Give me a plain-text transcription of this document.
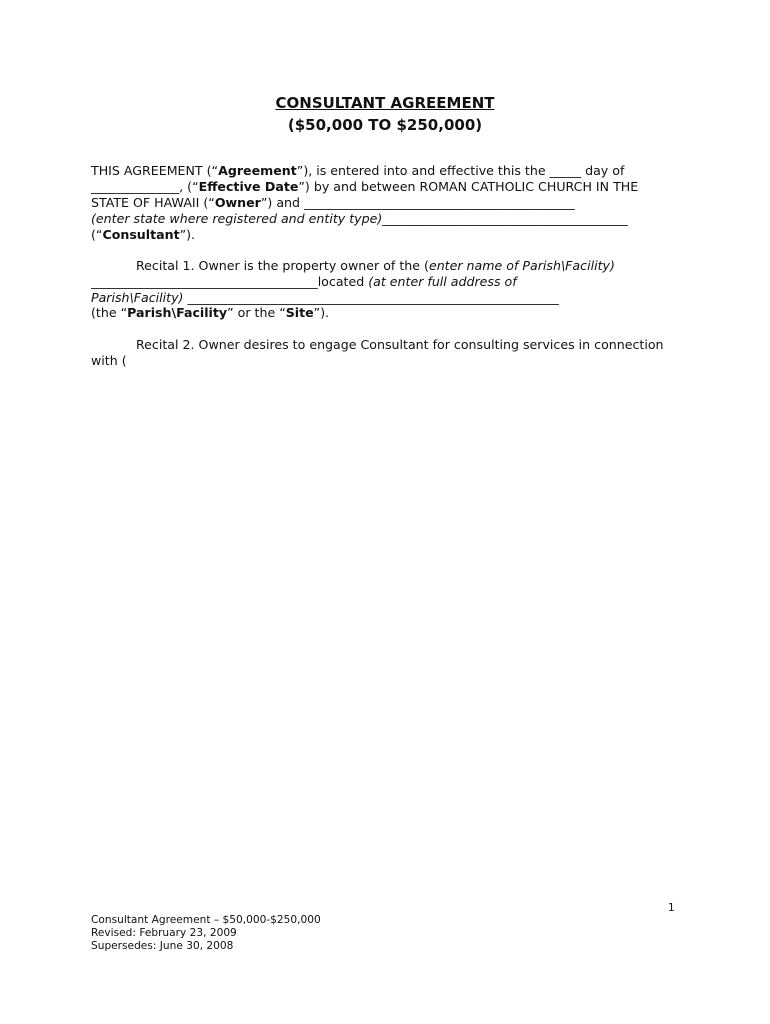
CONSULTANT AGREEMENT
($50,000 TO $250,000)
THIS AGREEMENT (“Agreement”), is entered into and effective this the _____ day of
______________, (“Effective Date”) by and between ROMAN CATHOLIC CHURCH IN THE
STATE OF HAWAII (“Owner”) and ___________________________________________
(enter state where registered and entity type)_______________________________________
(“Consultant”).
Recital 1. Owner is the property owner of the (enter name of Parish\Facility)
____________________________________located (at enter full address of
Parish\Facility) ___________________________________________________________
(the “Parish\Facility” or the “Site”).
Recital 2. Owner desires to engage Consultant for consulting services in connection
with (
1
Consultant Agreement – $50,000-$250,000
Revised: February 23, 2009
Supersedes: June 30, 2008
